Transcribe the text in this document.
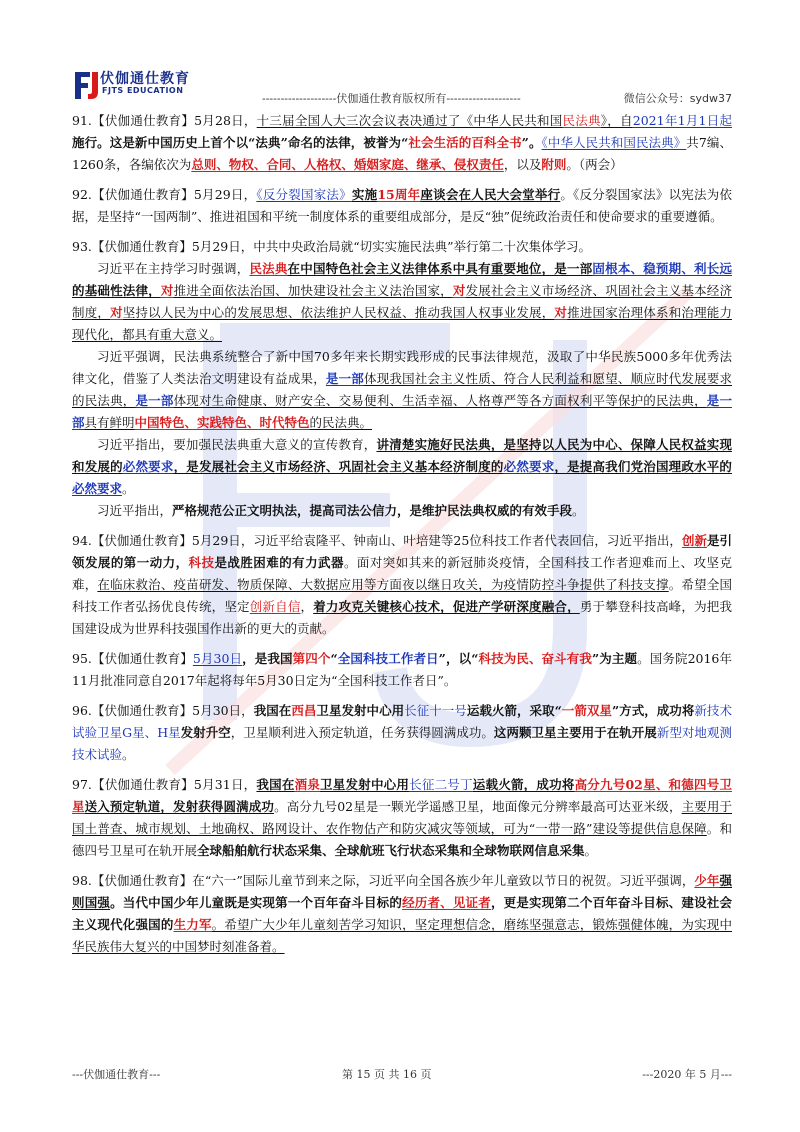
伏伽通仕教育
FJTS EDUCATION
--------------------伏伽通仕教育版权所有--------------------	微信公众号：sydw37

91.【伏伽通仕教育】5月28日，十三届全国人大三次会议表决通过了《中华人民共和国民法典》，自2021年1月1日起施行。这是新中国历史上首个以“法典”命名的法律，被誉为“社会生活的百科全书”。《中华人民共和国民法典》共7编、1260条，各编依次为总则、物权、合同、人格权、婚姻家庭、继承、侵权责任，以及附则。（两会）

92.【伏伽通仕教育】5月29日，《反分裂国家法》实施15周年座谈会在人民大会堂举行。《反分裂国家法》以宪法为依据，是坚持“一国两制”、推进祖国和平统一制度体系的重要组成部分，是反“独”促统政治责任和使命要求的重要遵循。

93.【伏伽通仕教育】5月29日，中共中央政治局就“切实实施民法典”举行第二十次集体学习。

习近平在主持学习时强调，民法典在中国特色社会主义法律体系中具有重要地位，是一部固根本、稳预期、利长远的基础性法律，对推进全面依法治国、加快建设社会主义法治国家，对发展社会主义市场经济、巩固社会主义基本经济制度，对坚持以人民为中心的发展思想、依法维护人民权益、推动我国人权事业发展，对推进国家治理体系和治理能力现代化，都具有重大意义。

习近平强调，民法典系统整合了新中国70多年来长期实践形成的民事法律规范，汲取了中华民族5000多年优秀法律文化，借鉴了人类法治文明建设有益成果，是一部体现我国社会主义性质、符合人民利益和愿望、顺应时代发展要求的民法典，是一部体现对生命健康、财产安全、交易便利、生活幸福、人格尊严等各方面权利平等保护的民法典，是一部具有鲜明中国特色、实践特色、时代特色的民法典。

习近平指出，要加强民法典重大意义的宣传教育，讲清楚实施好民法典，是坚持以人民为中心、保障人民权益实现和发展的必然要求，是发展社会主义市场经济、巩固社会主义基本经济制度的必然要求，是提高我们党治国理政水平的必然要求。

习近平指出，严格规范公正文明执法，提高司法公信力，是维护民法典权威的有效手段。

94.【伏伽通仕教育】5月29日，习近平给袁隆平、钟南山、叶培建等25位科技工作者代表回信，习近平指出，创新是引领发展的第一动力，科技是战胜困难的有力武器。面对突如其来的新冠肺炎疫情，全国科技工作者迎难而上、攻坚克难，在临床救治、疫苗研发、物质保障、大数据应用等方面夜以继日攻关，为疫情防控斗争提供了科技支撑。希望全国科技工作者弘扬优良传统，坚定创新自信，着力攻克关键核心技术，促进产学研深度融合，勇于攀登科技高峰，为把我国建设成为世界科技强国作出新的更大的贡献。

95.【伏伽通仕教育】5月30日，是我国第四个“全国科技工作者日”，以“科技为民、奋斗有我”为主题。国务院2016年11月批准同意自2017年起将每年5月30日定为“全国科技工作者日”。

96.【伏伽通仕教育】5月30日，我国在西昌卫星发射中心用长征十一号运载火箭，采取“一箭双星”方式，成功将新技术试验卫星G星、H星发射升空，卫星顺利进入预定轨道，任务获得圆满成功。这两颗卫星主要用于在轨开展新型对地观测技术试验。

97.【伏伽通仕教育】5月31日，我国在酒泉卫星发射中心用长征二号丁运载火箭，成功将高分九号02星、和德四号卫星送入预定轨道，发射获得圆满成功。高分九号02星是一颗光学遥感卫星，地面像元分辨率最高可达亚米级，主要用于国土普查、城市规划、土地确权、路网设计、农作物估产和防灾减灾等领域，可为“一带一路”建设等提供信息保障。和德四号卫星可在轨开展全球船舶航行状态采集、全球航班飞行状态采集和全球物联网信息采集。

98.【伏伽通仕教育】在“六一”国际儿童节到来之际，习近平向全国各族少年儿童致以节日的祝贺。习近平强调，少年强则国强。当代中国少年儿童既是实现第一个百年奋斗目标的经历者、见证者，更是实现第二个百年奋斗目标、建设社会主义现代化强国的生力军。希望广大少年儿童刻苦学习知识，坚定理想信念，磨练坚强意志，锻炼强健体魄，为实现中华民族伟大复兴的中国梦时刻准备着。

---伏伽通仕教育---	第 15 页 共 16 页	---2020 年 5 月---
